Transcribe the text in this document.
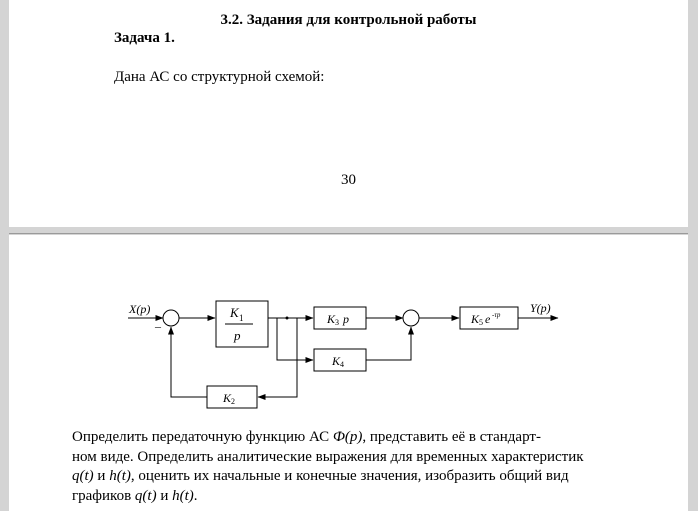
3.2. Задания для контрольной работы
Задача 1.
Дана АС со структурной схемой:
30
X(p)
–
K 1
p
K 3 p
K 4
K 5 e -τp Y(p)
K 2
Определить передаточную функцию АС Ф(p), представить её в стандарт-
ном виде. Определить аналитические выражения для временных характеристик
q(t) и h(t), оценить их начальные и конечные значения, изобразить общий вид
графиков q(t) и h(t).
